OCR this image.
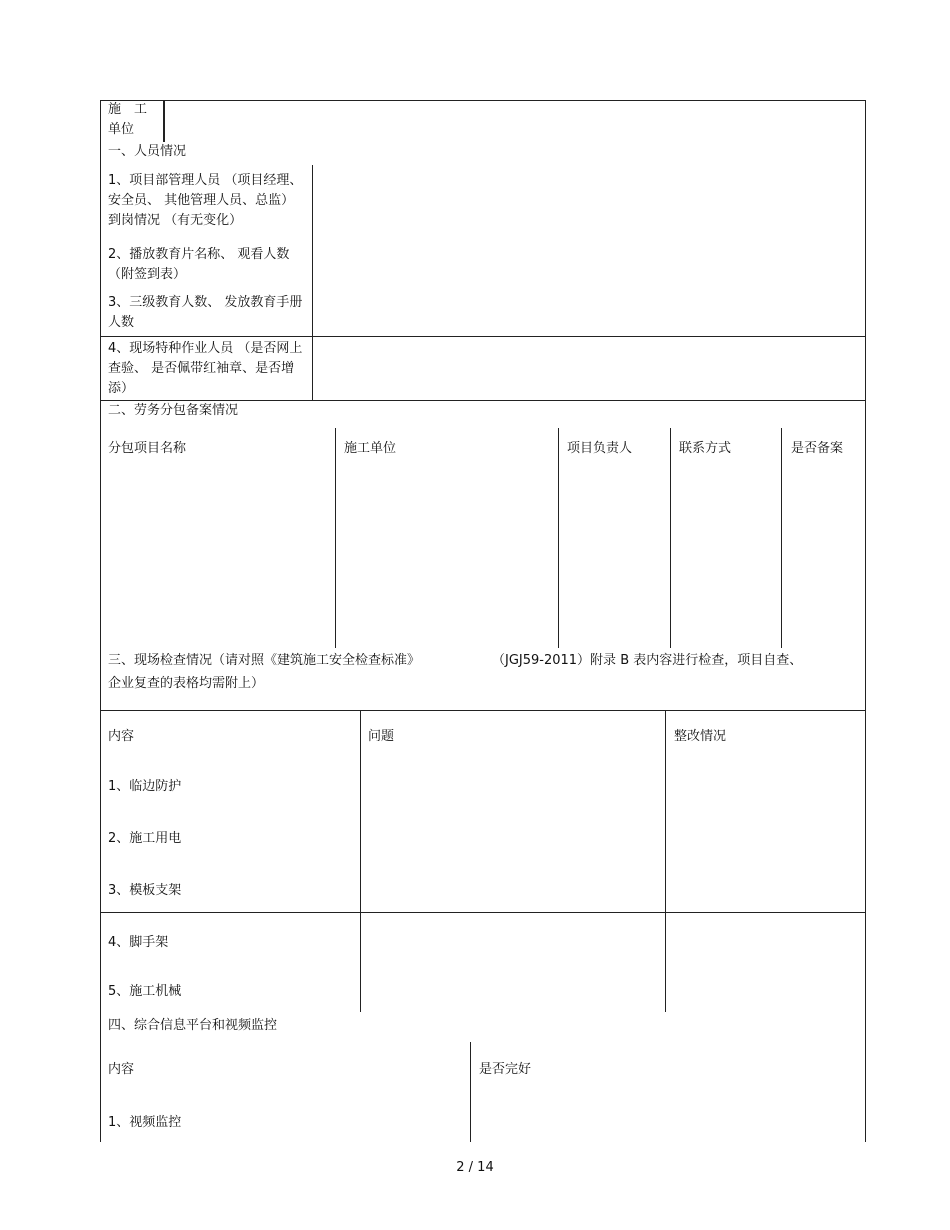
施　工
单位
一、人员情况
1、项目部管理人员 （项目经理、安全员、 其他管理人员、总监） 到岗情况 （有无变化）
2、播放教育片名称、 观看人数（附签到表）
3、三级教育人数、 发放教育手册人数
4、现场特种作业人员 （是否网上查验、 是否佩带红袖章、是否增添）
二、劳务分包备案情况
分包项目名称	施工单位	项目负责人	联系方式	是否备案
三、现场检查情况（请对照《建筑施工安全检查标准》	（JGJ59-2011）附录 B 表内容进行检查，项目自查、
企业复查的表格均需附上）
内容	问题	整改情况
1、临边防护
2、施工用电
3、模板支架
4、脚手架
5、施工机械
四、综合信息平台和视频监控
内容	是否完好
1、视频监控
2 / 14
